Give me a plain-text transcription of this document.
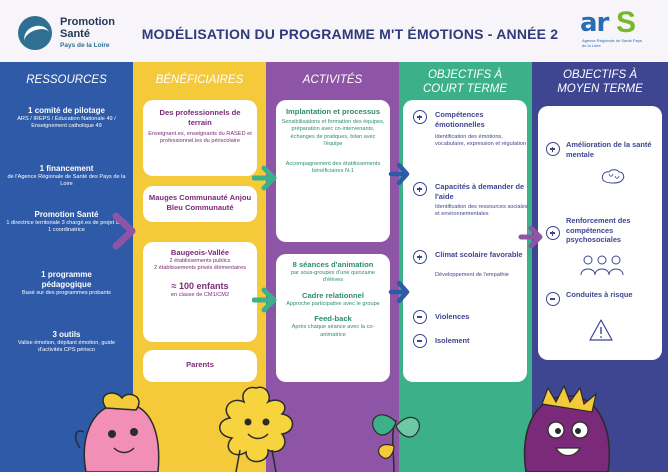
Promotion
Santé
Pays de la Loire
MODÉLISATION DU PROGRAMME M'T ÉMOTIONS - ANNÉE 2 ar S
Agence Régionale de Santé Pays de la Loire
RESSOURCES
1 comité de pilotage
ARS / IREPS / Éducation Nationale 49 / Enseignement catholique 49
1 financement
de l'Agence Régionale de Santé des Pays de la Loire
Promotion Santé
1 directrice territoriale 3 chargé.es de projet dont 1 coordinatrice
1 programme pédagogique
Basé sur des programmes probants
3 outils
Valise émotion, dépliant émotion, guide d'activités CPS périsco
BÉNÉFICIAIRES
Des professionnels de terrain
Enseignant.es, enseignants du RASED et professionnel.les du périscolaire
Mauges Communauté Anjou Bleu Communauté
Baugeois-Vallée
2 établissements publics
2 établissements privés élémentaires
≈ 100 enfants
en classe de CM1/CM2
Parents
ACTIVITÉS
Implantation et processus
Sensibilisations et formation des équipes, préparation avec co-intervenants, échanges de pratiques, bilan avec l'équipe
Accompagnement des établissements bénéficiaires N-1
8 séances d'animation
par sous-groupes d'une quinzaine d'élèves
Cadre relationnel
Approche participative avec le groupe
Feed-back
Après chaque séance avec la co-animatrice
OBJECTIFS À COURT TERME
Compétences émotionnelles
Identification des émotions, vocabulaire, expression et régulation
Capacités à demander de l'aide
Identification des ressources sociales et environnementales
Climat scolaire favorable
Développement de l'empathie
Violences
Isolement
OBJECTIFS À MOYEN TERME
Amélioration de la santé mentale
Renforcement des compétences psychosociales
Conduites à risque
